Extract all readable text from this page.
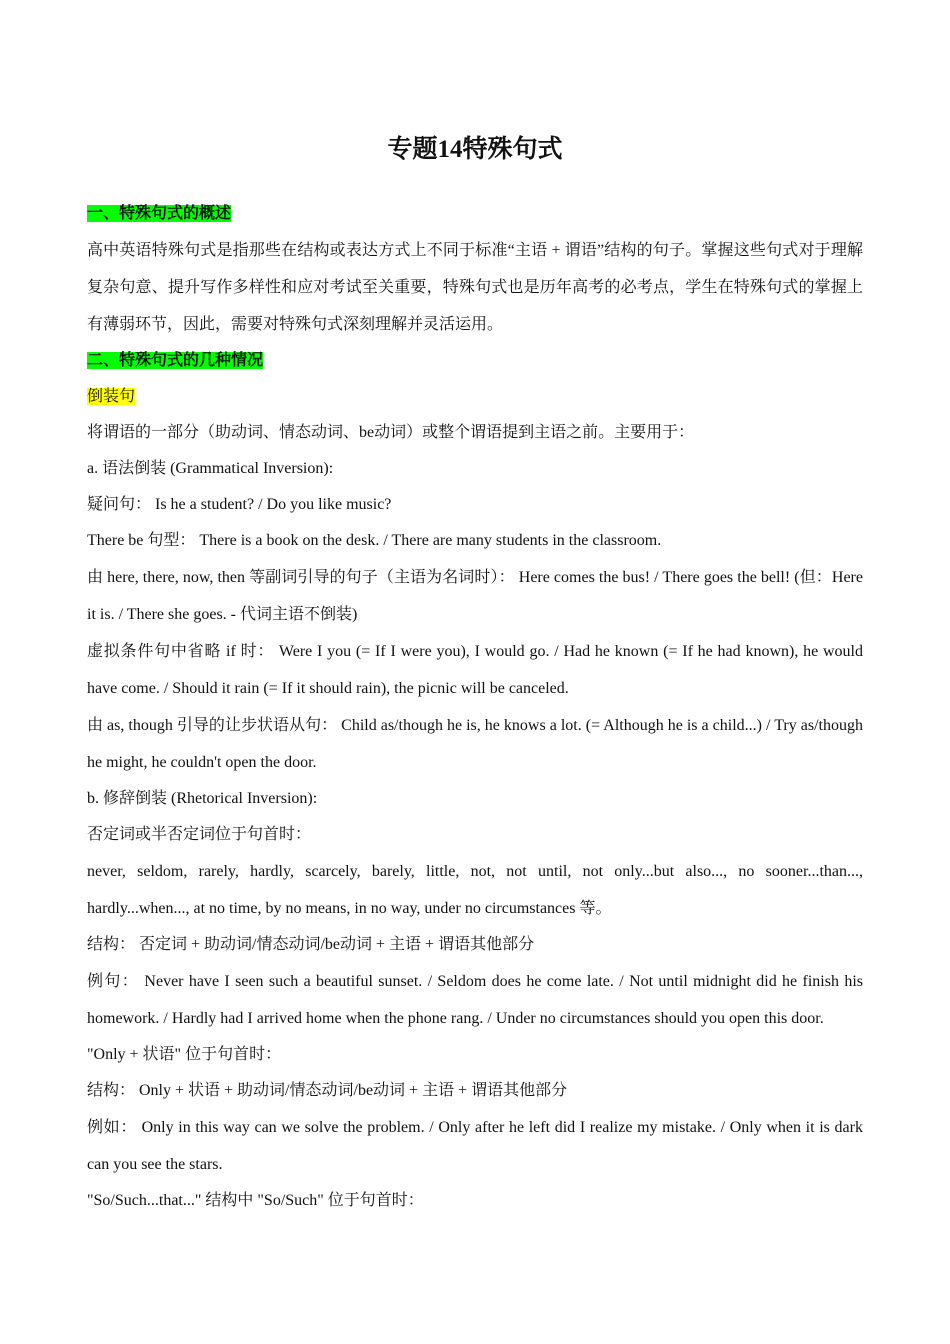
专题14特殊句式

一、特殊句式的概述

高中英语特殊句式是指那些在结构或表达方式上不同于标准“主语 + 谓语”结构的句子。掌握这些句式对于理解复杂句意、提升写作多样性和应对考试至关重要，特殊句式也是历年高考的必考点，学生在特殊句式的掌握上有薄弱环节，因此，需要对特殊句式深刻理解并灵活运用。

二、特殊句式的几种情况

倒装句

将谓语的一部分（助动词、情态动词、be动词）或整个谓语提到主语之前。主要用于：

a. 语法倒装 (Grammatical Inversion):

疑问句： Is he a student? / Do you like music?

There be 句型： There is a book on the desk. / There are many students in the classroom.

由 here, there, now, then 等副词引导的句子（主语为名词时）： Here comes the bus! / There goes the bell! (但：Here it is. / There she goes. - 代词主语不倒装)

虚拟条件句中省略 if 时： Were I you (= If I were you), I would go. / Had he known (= If he had known), he would have come. / Should it rain (= If it should rain), the picnic will be canceled.

由 as, though 引导的让步状语从句： Child as/though he is, he knows a lot. (= Although he is a child...) / Try as/though he might, he couldn't open the door.

b. 修辞倒装 (Rhetorical Inversion):

否定词或半否定词位于句首时：

never, seldom, rarely, hardly, scarcely, barely, little, not, not until, not only...but also..., no sooner...than..., hardly...when..., at no time, by no means, in no way, under no circumstances 等。

结构： 否定词 + 助动词/情态动词/be动词 + 主语 + 谓语其他部分

例句： Never have I seen such a beautiful sunset. / Seldom does he come late. / Not until midnight did he finish his homework. / Hardly had I arrived home when the phone rang. / Under no circumstances should you open this door.

"Only + 状语" 位于句首时：

结构： Only + 状语 + 助动词/情态动词/be动词 + 主语 + 谓语其他部分

例如： Only in this way can we solve the problem. / Only after he left did I realize my mistake. / Only when it is dark can you see the stars.

"So/Such...that..." 结构中 "So/Such" 位于句首时：
